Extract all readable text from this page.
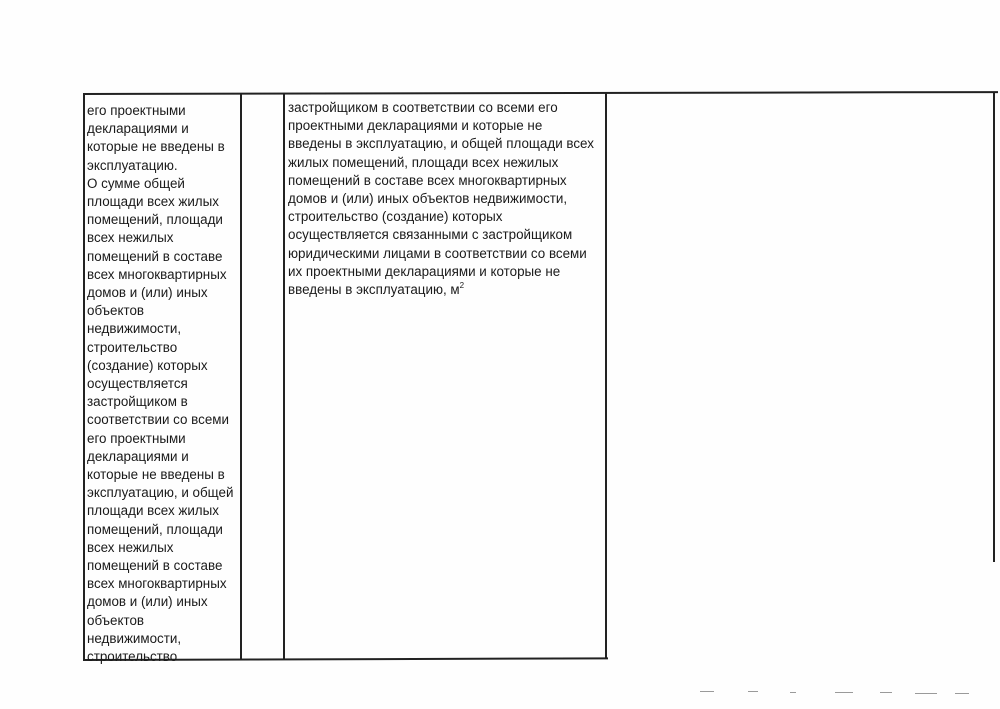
его проектными
декларациями и
которые не введены в
эксплуатацию.
О сумме общей
площади всех жилых
помещений, площади
всех нежилых
помещений в составе
всех многоквартирных
домов и (или) иных
объектов
недвижимости,
строительство
(создание) которых
осуществляется
застройщиком в
соответствии со всеми
его проектными
декларациями и
которые не введены в
эксплуатацию, и общей
площади всех жилых
помещений, площади
всех нежилых
помещений в составе
всех многоквартирных
домов и (или) иных
объектов
недвижимости,
строительство
застройщиком в соответствии со всеми его
проектными декларациями и которые не
введены в эксплуатацию, и общей площади всех
жилых помещений, площади всех нежилых
помещений в составе всех многоквартирных
домов и (или) иных объектов недвижимости,
строительство (создание) которых
осуществляется связанными с застройщиком
юридическими лицами в соответствии со всеми
их проектными декларациями и которые не
введены в эксплуатацию, $м^2$
